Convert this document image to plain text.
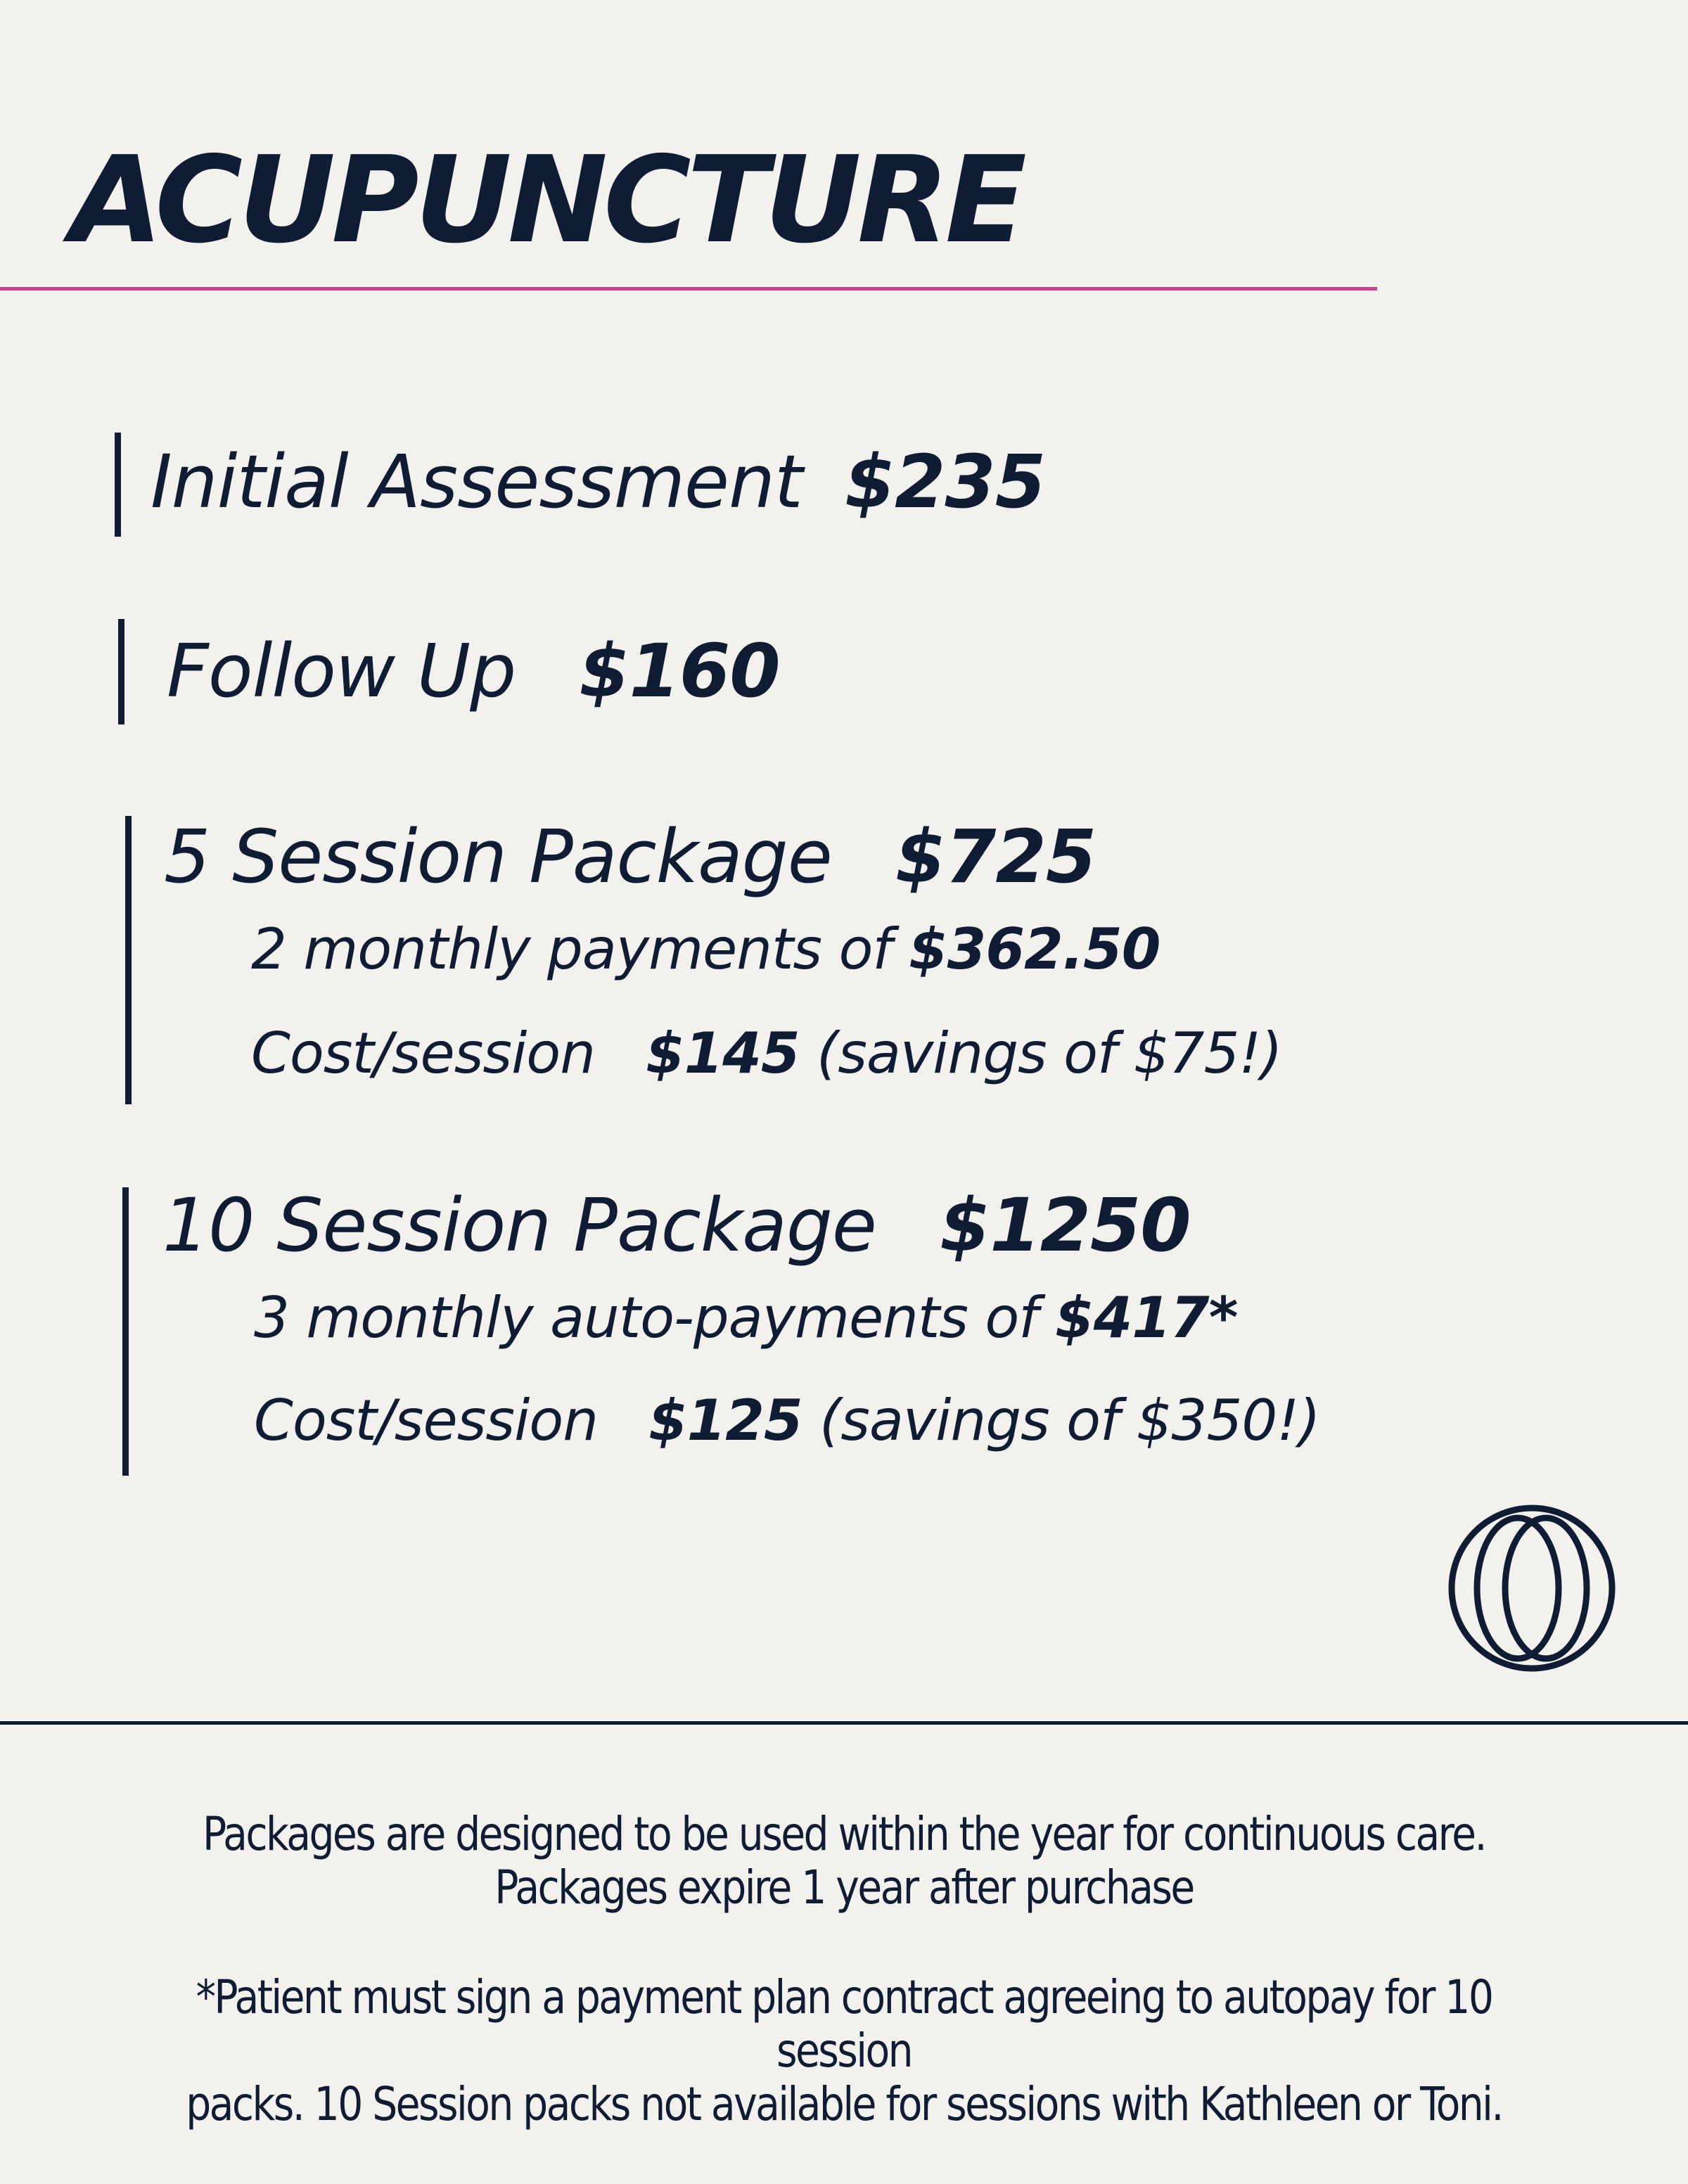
ACUPUNCTURE
Initial Assessment $235
Follow Up $160
5 Session Package $725
2 monthly payments of $362.50
Cost/session $145 (savings of $75!)
10 Session Package $1250
3 monthly auto-payments of $417*
Cost/session $125 (savings of $350!)
Packages are designed to be used within the year for continuous care.
Packages expire 1 year after purchase
*Patient must sign a payment plan contract agreeing to autopay for 10 session
packs. 10 Session packs not available for sessions with Kathleen or Toni.
